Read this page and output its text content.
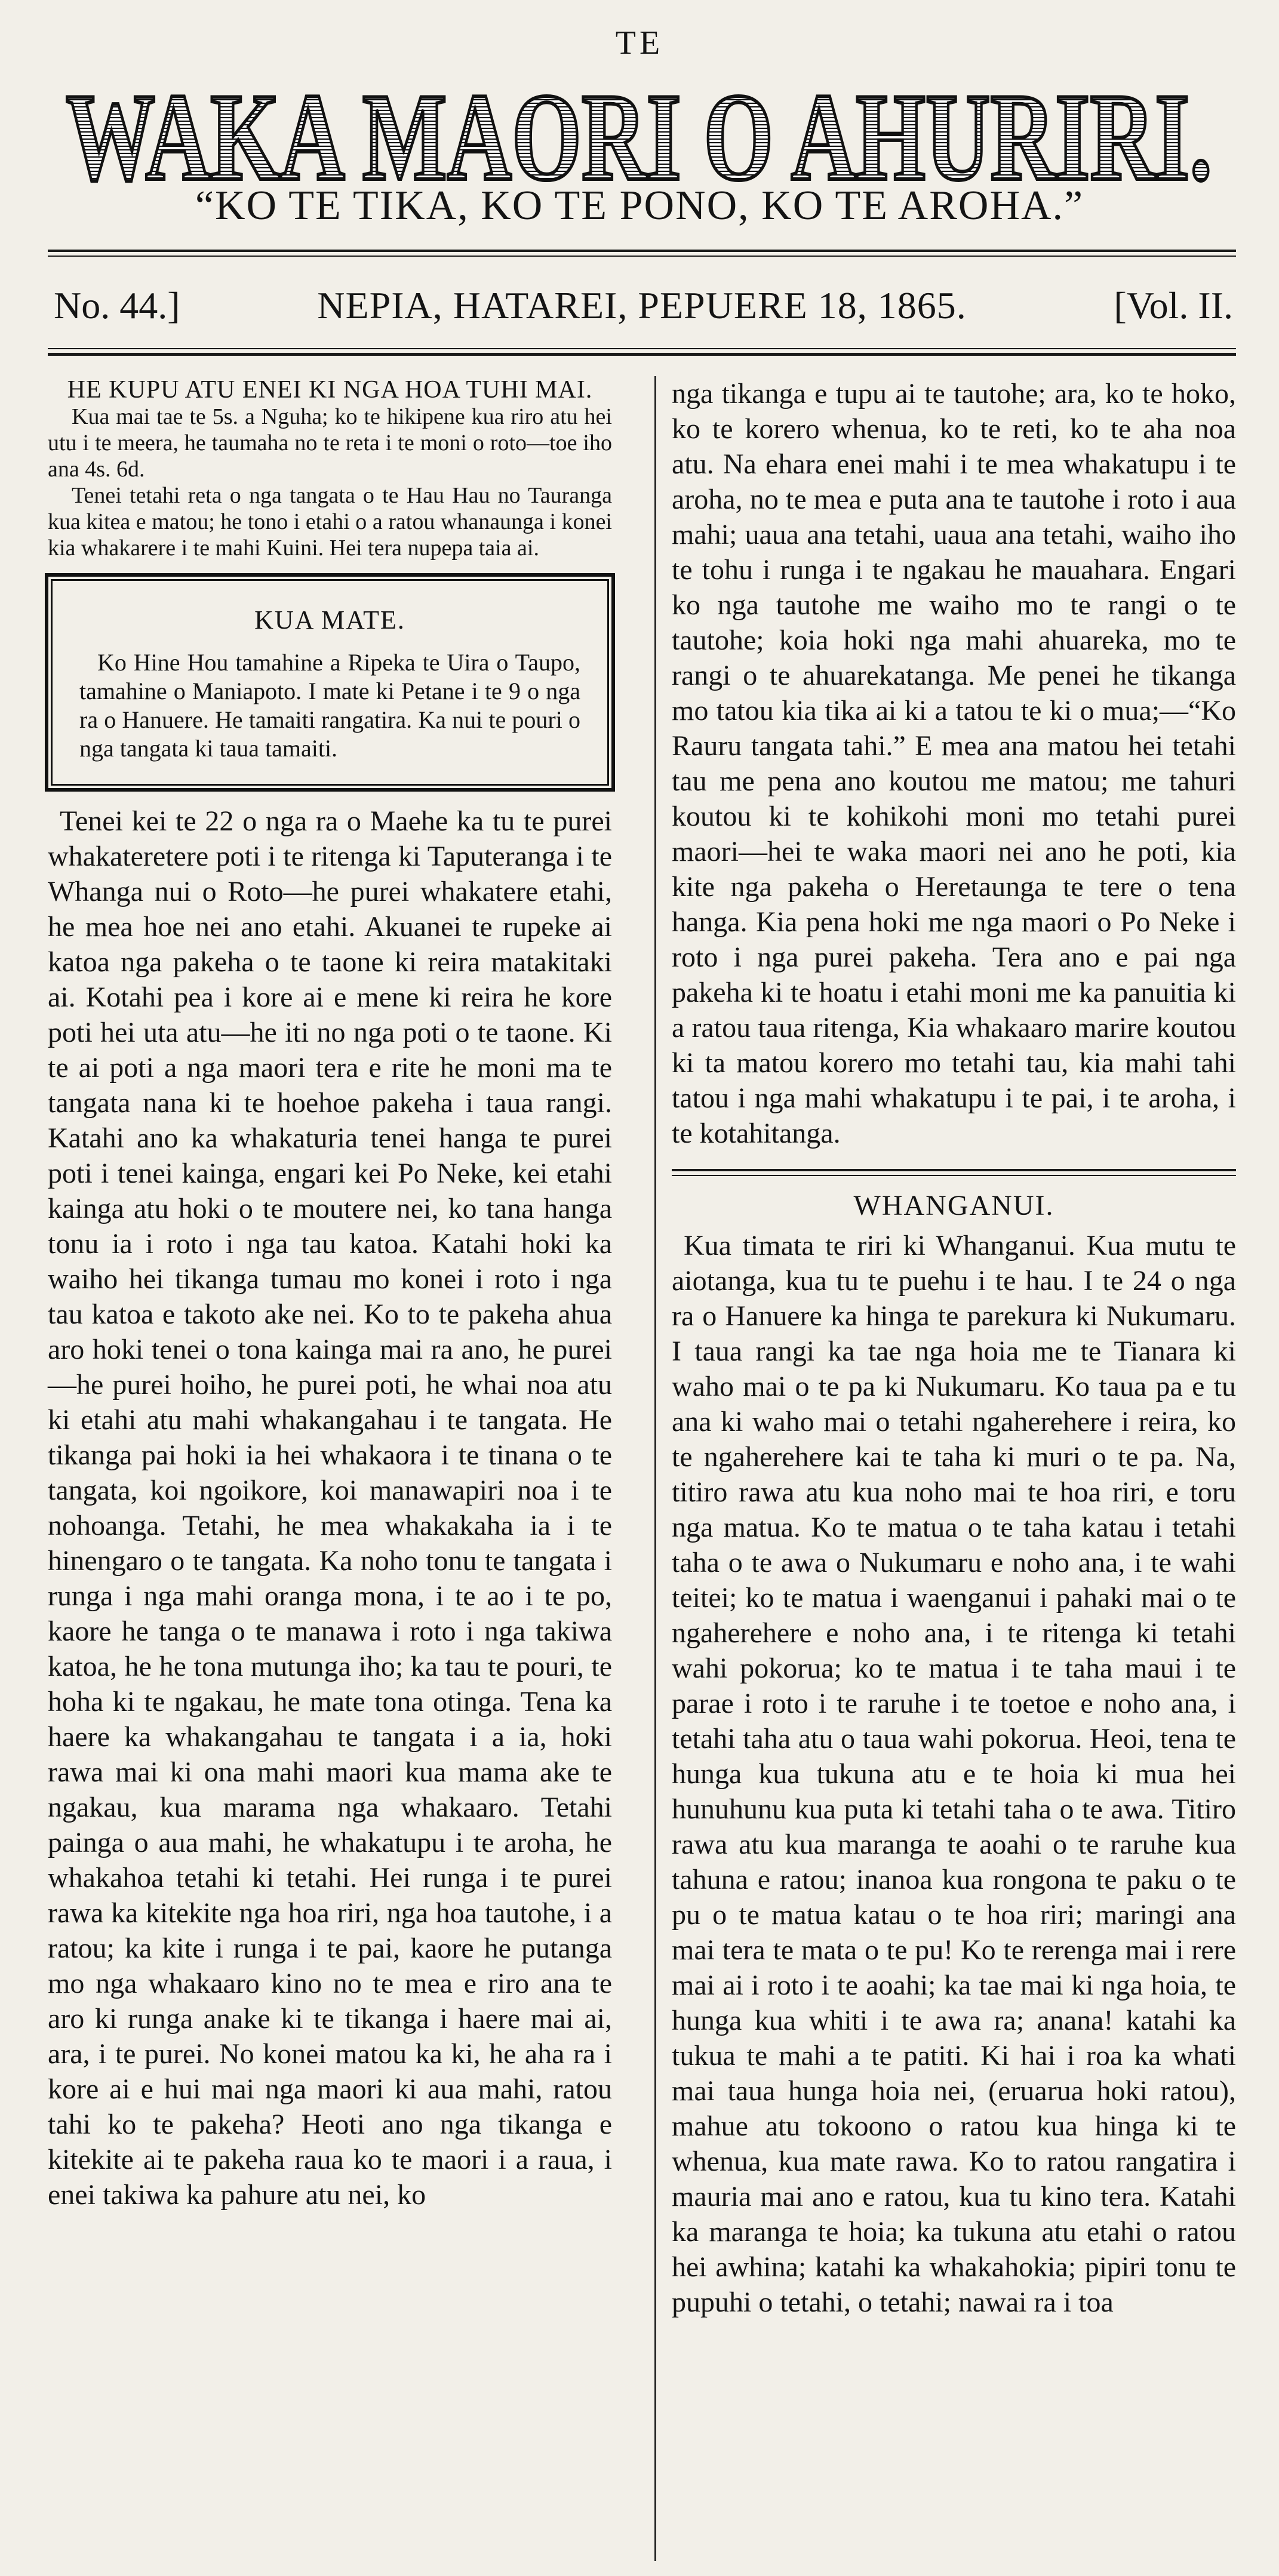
TE
WAKA MAORI O AHURIRI.
“KO TE TIKA, KO TE PONO, KO TE AROHA.”
No. 44.]	NEPIA, HATAREI, PEPUERE 18, 1865.	[Vol. II.

HE KUPU ATU ENEI KI NGA HOA TUHI MAI.

Kua mai tae te 5s. a Nguha; ko te hikipene kua riro atu hei utu i te meera, he taumaha no te reta i te moni o roto—toe iho ana 4s. 6d.

Tenei tetahi reta o nga tangata o te Hau Hau no Tauranga kua kitea e matou; he tono i etahi o a ratou whanaunga i konei kia whakarere i te mahi Kuini. Hei tera nupepa taia ai.

KUA MATE.

Ko Hine Hou tamahine a Ripeka te Uira o Taupo, tamahine o Maniapoto. I mate ki Petane i te 9 o nga ra o Hanuere. He tamaiti rangatira. Ka nui te pouri o nga tangata ki taua tamaiti.

Tenei kei te 22 o nga ra o Maehe ka tu te purei whakateretere poti i te ritenga ki Taputeranga i te Whanga nui o Roto—he purei whakatere etahi, he mea hoe nei ano etahi. Akuanei te rupeke ai katoa nga pakeha o te taone ki reira matakitaki ai. Kotahi pea i kore ai e mene ki reira he kore poti hei uta atu—he iti no nga poti o te taone. Ki te ai poti a nga maori tera e rite he moni ma te tangata nana ki te hoehoe pakeha i taua rangi. Katahi ano ka whakaturia tenei hanga te purei poti i tenei kainga, engari kei Po Neke, kei etahi kainga atu hoki o te moutere nei, ko tana hanga tonu ia i roto i nga tau katoa. Katahi hoki ka waiho hei tikanga tumau mo konei i roto i nga tau katoa e takoto ake nei. Ko to te pakeha ahua aro hoki tenei o tona kainga mai ra ano, he purei—he purei hoiho, he purei poti, he whai noa atu ki etahi atu mahi whakangahau i te tangata. He tikanga pai hoki ia hei whakaora i te tinana o te tangata, koi ngoikore, koi manawapiri noa i te nohoanga. Tetahi, he mea whakakaha ia i te hinengaro o te tangata. Ka noho tonu te tangata i runga i nga mahi oranga mona, i te ao i te po, kaore he tanga o te manawa i roto i nga takiwa katoa, he he tona mutunga iho; ka tau te pouri, te hoha ki te ngakau, he mate tona otinga. Tena ka haere ka whakangahau te tangata i a ia, hoki rawa mai ki ona mahi maori kua mama ake te ngakau, kua marama nga whakaaro. Tetahi painga o aua mahi, he whakatupu i te aroha, he whakahoa tetahi ki tetahi. Hei runga i te purei rawa ka kitekite nga hoa riri, nga hoa tautohe, i a ratou; ka kite i runga i te pai, kaore he putanga mo nga whakaaro kino no te mea e riro ana te aro ki runga anake ki te tikanga i haere mai ai, ara, i te purei. No konei matou ka ki, he aha ra i kore ai e hui mai nga maori ki aua mahi, ratou tahi ko te pakeha? Heoti ano nga tikanga e kitekite ai te pakeha raua ko te maori i a raua, i enei takiwa ka pahure atu nei, ko

nga tikanga e tupu ai te tautohe; ara, ko te hoko, ko te korero whenua, ko te reti, ko te aha noa atu. Na ehara enei mahi i te mea whakatupu i te aroha, no te mea e puta ana te tautohe i roto i aua mahi; uaua ana tetahi, uaua ana tetahi, waiho iho te tohu i runga i te ngakau he mauahara. Engari ko nga tautohe me waiho mo te rangi o te tautohe; koia hoki nga mahi ahuareka, mo te rangi o te ahuarekatanga. Me penei he tikanga mo tatou kia tika ai ki a tatou te ki o mua;—“Ko Rauru tangata tahi.” E mea ana matou hei tetahi tau me pena ano koutou me matou; me tahuri koutou ki te kohikohi moni mo tetahi purei maori—hei te waka maori nei ano he poti, kia kite nga pakeha o Heretaunga te tere o tena hanga. Kia pena hoki me nga maori o Po Neke i roto i nga purei pakeha. Tera ano e pai nga pakeha ki te hoatu i etahi moni me ka panuitia ki a ratou taua ritenga, Kia whakaaro marire koutou ki ta matou korero mo tetahi tau, kia mahi tahi tatou i nga mahi whakatupu i te pai, i te aroha, i te kotahitanga.

WHANGANUI.

Kua timata te riri ki Whanganui. Kua mutu te aiotanga, kua tu te puehu i te hau. I te 24 o nga ra o Hanuere ka hinga te parekura ki Nukumaru. I taua rangi ka tae nga hoia me te Tianara ki waho mai o te pa ki Nukumaru. Ko taua pa e tu ana ki waho mai o tetahi ngaherehere i reira, ko te ngaherehere kai te taha ki muri o te pa. Na, titiro rawa atu kua noho mai te hoa riri, e toru nga matua. Ko te matua o te taha katau i tetahi taha o te awa o Nukumaru e noho ana, i te wahi teitei; ko te matua i waenganui i pahaki mai o te ngaherehere e noho ana, i te ritenga ki tetahi wahi pokorua; ko te matua i te taha maui i te parae i roto i te raruhe i te toetoe e noho ana, i tetahi taha atu o taua wahi pokorua. Heoi, tena te hunga kua tukuna atu e te hoia ki mua hei hunuhunu kua puta ki tetahi taha o te awa. Titiro rawa atu kua maranga te aoahi o te raruhe kua tahuna e ratou; inanoa kua rongona te paku o te pu o te matua katau o te hoa riri; maringi ana mai tera te mata o te pu! Ko te rerenga mai i rere mai ai i roto i te aoahi; ka tae mai ki nga hoia, te hunga kua whiti i te awa ra; anana! katahi ka tukua te mahi a te patiti. Ki hai i roa ka whati mai taua hunga hoia nei, (eruarua hoki ratou), mahue atu tokoono o ratou kua hinga ki te whenua, kua mate rawa. Ko to ratou rangatira i mauria mai ano e ratou, kua tu kino tera. Katahi ka maranga te hoia; ka tukuna atu etahi o ratou hei awhina; katahi ka whakahokia; pipiri tonu te pupuhi o tetahi, o tetahi; nawai ra i toa
